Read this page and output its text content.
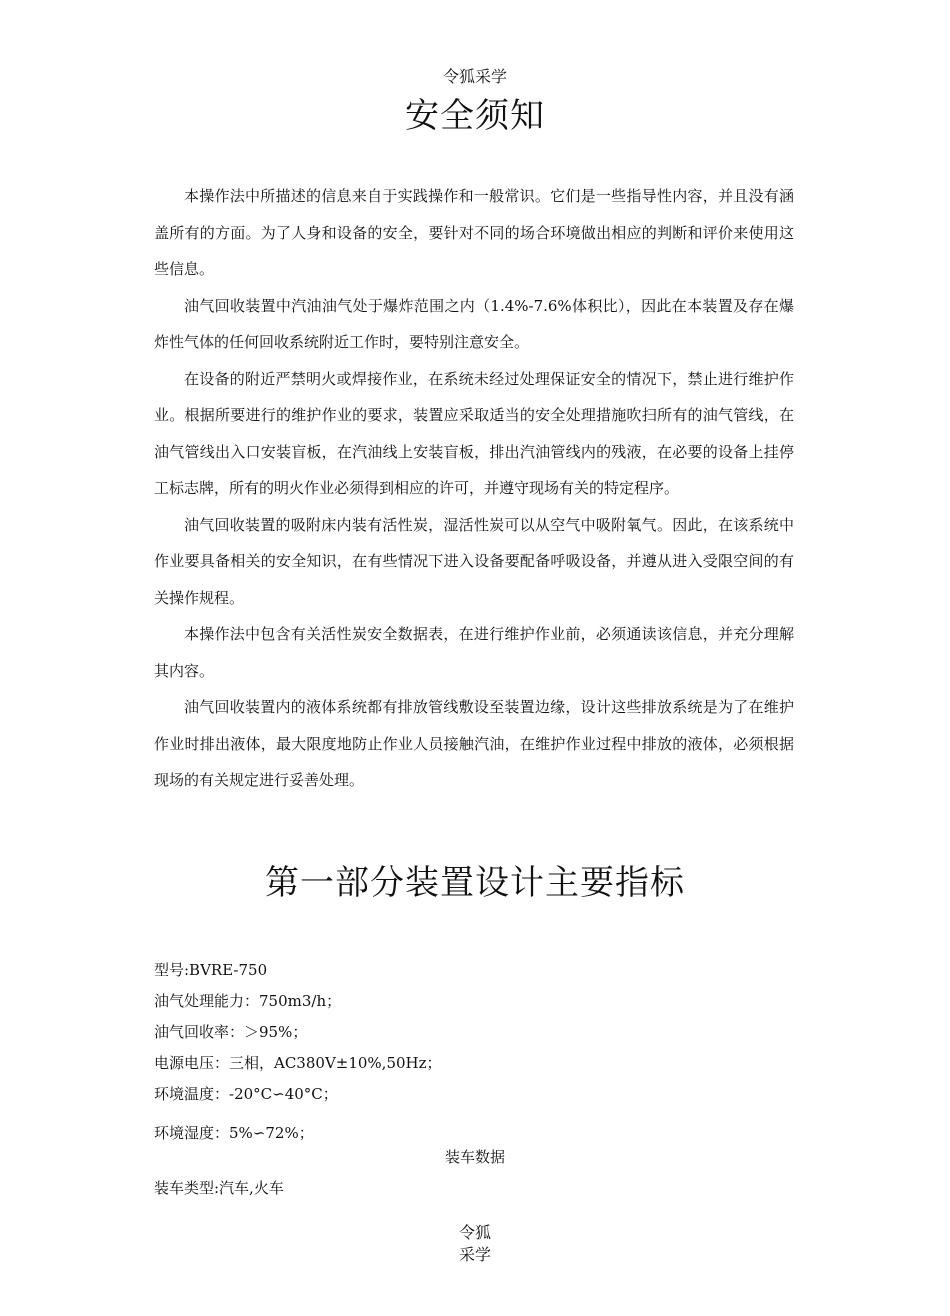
令狐采学
安全须知

本操作法中所描述的信息来自于实践操作和一般常识。它们是一些指导性内容，并且没有涵盖所有的方面。为了人身和设备的安全，要针对不同的场合环境做出相应的判断和评价来使用这些信息。

油气回收装置中汽油油气处于爆炸范围之内（1.4%-7.6%体积比），因此在本装置及存在爆炸性气体的任何回收系统附近工作时，要特别注意安全。

在设备的附近严禁明火或焊接作业，在系统未经过处理保证安全的情况下，禁止进行维护作业。根据所要进行的维护作业的要求，装置应采取适当的安全处理措施吹扫所有的油气管线，在油气管线出入口安装盲板，在汽油线上安装盲板，排出汽油管线内的残液，在必要的设备上挂停工标志牌，所有的明火作业必须得到相应的许可，并遵守现场有关的特定程序。

油气回收装置的吸附床内装有活性炭，湿活性炭可以从空气中吸附氧气。因此，在该系统中作业要具备相关的安全知识，在有些情况下进入设备要配备呼吸设备，并遵从进入受限空间的有关操作规程。

本操作法中包含有关活性炭安全数据表，在进行维护作业前，必须通读该信息，并充分理解其内容。

油气回收装置内的液体系统都有排放管线敷设至装置边缘，设计这些排放系统是为了在维护作业时排出液体，最大限度地防止作业人员接触汽油，在维护作业过程中排放的液体，必须根据现场的有关规定进行妥善处理。

第一部分装置设计主要指标
型号:BVRE-750
油气处理能力：750m3/h；
油气回收率：＞95%；
电源电压：三相，AC380V±10%,50Hz；
环境温度：-20°C∽40°C；
环境湿度：5%∽72%；
装车数据
装车类型:汽车,火车
令狐
采学
